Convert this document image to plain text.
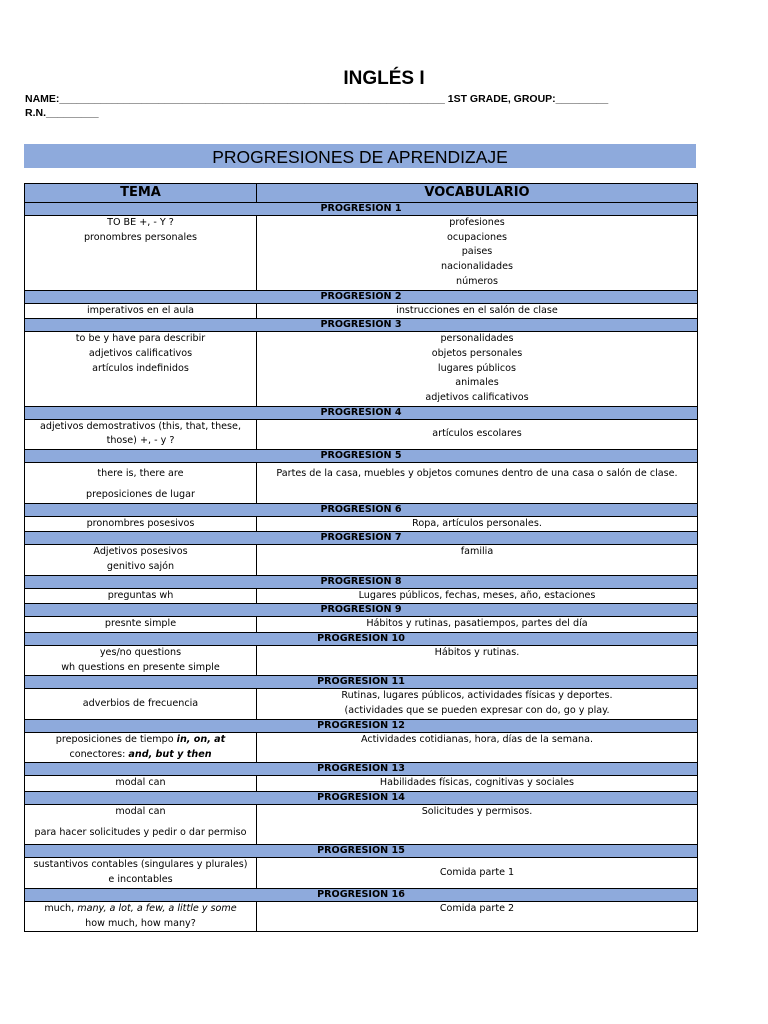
INGLÉS I
NAME:__________________________________________________________________ 1ST GRADE, GROUP:_________
R.N._________
PROGRESIONES DE APRENDIZAJE
TEMA	VOCABULARIO
PROGRESION 1	

TO BE +, - Y ?
pronombres personales	profesiones
ocupaciones
paises
nacionalidades
números

PROGRESION 2	
imperativos en el aula	instrucciones en el salón de clase
PROGRESION 3	

to be y have para describir
adjetivos calificativos
artículos indefinidos	personalidades
objetos personales
lugares públicos
animales
adjetivos calificativos

PROGRESION 4	

adjetivos demostrativos (this, that, these,
those) +, - y ?	artículos escolares
PROGRESION 5	

there is, there are
preposiciones de lugar	Partes de la casa, muebles y objetos comunes dentro de una casa o salón de clase.
PROGRESION 6	
pronombres posesivos	Ropa, artículos personales.
PROGRESION 7	

Adjetivos posesivos
genitivo sajón	familia
PROGRESION 8	
preguntas wh	Lugares públicos, fechas, meses, año, estaciones
PROGRESION 9	
presnte simple	Hábitos y rutinas, pasatiempos, partes del día
PROGRESION 10	

yes/no questions
wh questions en presente simple	Hábitos y rutinas.
PROGRESION 11	
adverbios de frecuencia	Rutinas, lugares públicos, actividades físicas y deportes.
(actividades que se pueden expresar con do, go y play.

PROGRESION 12	

preposiciones de tiempo in, on, at
conectores: and, but y then	Actividades cotidianas, hora, días de la semana.
PROGRESION 13	
modal can	Habilidades físicas, cognitivas y sociales
PROGRESION 14	

modal can
para hacer solicitudes y pedir o dar permiso	Solicitudes y permisos.
PROGRESION 15	

sustantivos contables (singulares y plurales)
e incontables	Comida parte 1
PROGRESION 16	

much, many, a lot, a few, a little y some
how much, how many?	Comida parte 2
